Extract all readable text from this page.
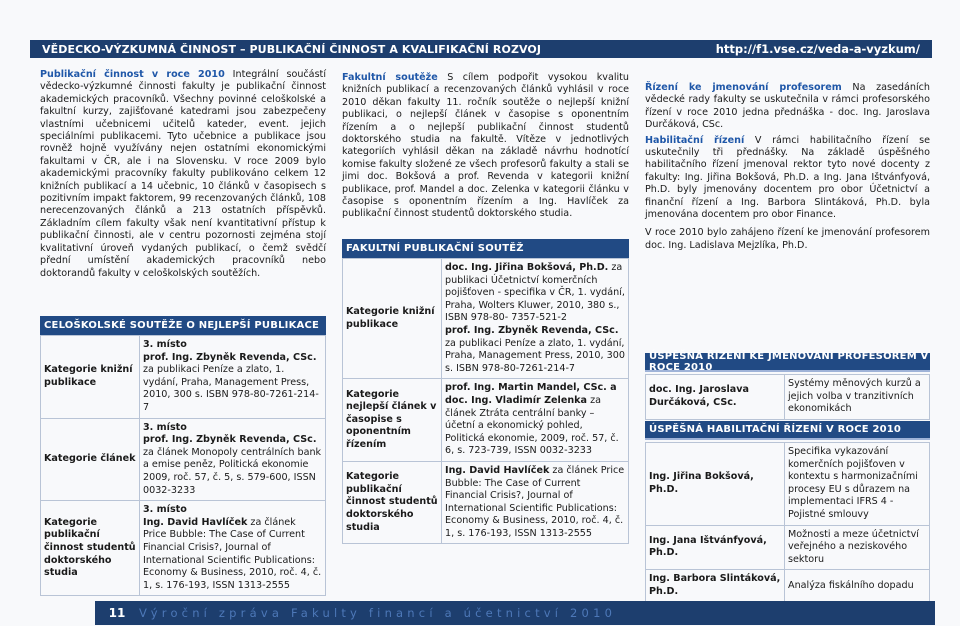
VĚDECKO-VÝZKUMNÁ ČINNOST – PUBLIKAČNÍ ČINNOST A KVALIFIKAČNÍ ROZVOJ	http://f1.vse.cz/veda-a-vyzkum/

Publikační činnost v roce 2010 Integrální součástí vědecko-výzkumné činnosti fakulty je publikační činnost akademických pracovníků. Všechny povinné celoškolské a fakultní kurzy, zajišťované katedrami jsou zabezpečeny vlastními učebnicemi učitelů kateder, event. jejich speciálními publikacemi. Tyto učebnice a publikace jsou rovněž hojně využívány nejen ostatními ekonomickými fakultami v ČR, ale i na Slovensku. V roce 2009 bylo akademickými pracovníky fakulty publikováno celkem 12 knižních publikací a 14 učebnic, 10 článků v časopisech s pozitivním impakt faktorem, 99 recenzovaných článků, 108 nerecenzovaných článků a 213 ostatních příspěvků. Základním cílem fakulty však není kvantitativní přístup k publikační činnosti, ale v centru pozornosti zejména stojí kvalitativní úroveň vydaných publikací, o čemž svědčí přední umístění akademických pracovníků nebo doktorandů fakulty v celoškolských soutěžích.

CELOŠKOLSKÉ SOUTĚŽE O NEJLEPŠÍ PUBLIKACE
Kategorie knižní publikace	3. místo
prof. Ing. Zbyněk Revenda, CSc. za publikaci Peníze a zlato, 1. vydání, Praha, Management Press, 2010, 300 s. ISBN 978-80-7261-214-7
Kategorie článek	3. místo
prof. Ing. Zbyněk Revenda, CSc. za článek Monopoly centrálních bank a emise peněz, Politická ekonomie 2009, roč. 57, č. 5, s. 579-600, ISSN 0032-3233
Kategorie publikační činnost studentů doktorského studia	3. místo
Ing. David Havlíček za článek Price Bubble: The Case of Current Financial Crisis?, Journal of International Scientific Publications: Economy & Business, 2010, roč. 4, č. 1, s. 176-193, ISSN 1313-2555

Fakultní soutěže S cílem podpořit vysokou kvalitu knižních publikací a recenzovaných článků vyhlásil v roce 2010 děkan fakulty 11. ročník soutěže o nejlepší knižní publikaci, o nejlepší článek v časopise s oponentním řízením a o nejlepší publikační činnost studentů doktorského studia na fakultě. Vítěze v jednotlivých kategoriích vyhlásil děkan na základě návrhu hodnotící komise fakulty složené ze všech profesorů fakulty a stali se jimi doc. Bokšová a prof. Revenda v kategorii knižní publikace, prof. Mandel a doc. Zelenka v kategorii článku v časopise s oponentním řízením a Ing. Havlíček za publikační činnost studentů doktorského studia.

FAKULTNÍ PUBLIKAČNÍ SOUTĚŽ
Kategorie knižní publikace	doc. Ing. Jiřina Bokšová, Ph.D. za publikaci Účetnictví komerčních pojišťoven - specifika v ČR, 1. vydání, Praha, Wolters Kluwer, 2010, 380 s., ISBN 978-80- 7357-521-2
prof. Ing. Zbyněk Revenda, CSc. za publikaci Peníze a zlato, 1. vydání, Praha, Management Press, 2010, 300 s. ISBN 978-80-7261-214-7
Kategorie nejlepší článek v časopise s oponentním řízením	prof. Ing. Martin Mandel, CSc. a doc. Ing. Vladimír Zelenka za článek Ztráta centrální banky – účetní a ekonomický pohled, Politická ekonomie, 2009, roč. 57, č. 6, s. 723-739, ISSN 0032-3233
Kategorie publikační činnost studentů doktorského studia	Ing. David Havlíček za článek Price Bubble: The Case of Current Financial Crisis?, Journal of International Scientific Publications: Economy & Business, 2010, roč. 4, č. 1, s. 176-193, ISSN 1313-2555

Řízení ke jmenování profesorem Na zasedáních vědecké rady fakulty se uskutečnila v rámci profesorského řízení v roce 2010 jedna přednáška - doc. Ing. Jaroslava Durčáková, CSc.

Habilitační řízení V rámci habilitačního řízení se uskutečnily tři přednášky. Na základě úspěšného habilitačního řízení jmenoval rektor tyto nové docenty z fakulty: Ing. Jiřina Bokšová, Ph.D. a Ing. Jana Ištvánfyová, Ph.D. byly jmenovány docentem pro obor Účetnictví a finanční řízení a Ing. Barbora Slintáková, Ph.D. byla jmenována docentem pro obor Finance.

V roce 2010 bylo zahájeno řízení ke jmenování profesorem doc. Ing. Ladislava Mejzlíka, Ph.D.

ÚSPĚŠNÁ ŘÍZENÍ KE JMENOVÁNÍ PROFESOREM V ROCE 2010
doc. Ing. Jaroslava Durčáková, CSc.	Systémy měnových kurzů a jejich volba v tranzitivních ekonomikách
ÚSPĚŠNÁ HABILITAČNÍ ŘÍZENÍ V ROCE 2010
Ing. Jiřina Bokšová, Ph.D.	Specifika vykazování komerčních pojišťoven v kontextu s harmonizačními procesy EU s důrazem na implementaci IFRS 4 - Pojistné smlouvy
Ing. Jana Ištvánfyová, Ph.D.	Možnosti a meze účetnictví veřejného a neziskového sektoru
Ing. Barbora Slintáková, Ph.D.	Analýza fiskálního dopadu
11	Výroční zpráva Fakulty financí a účetnictví 2010
